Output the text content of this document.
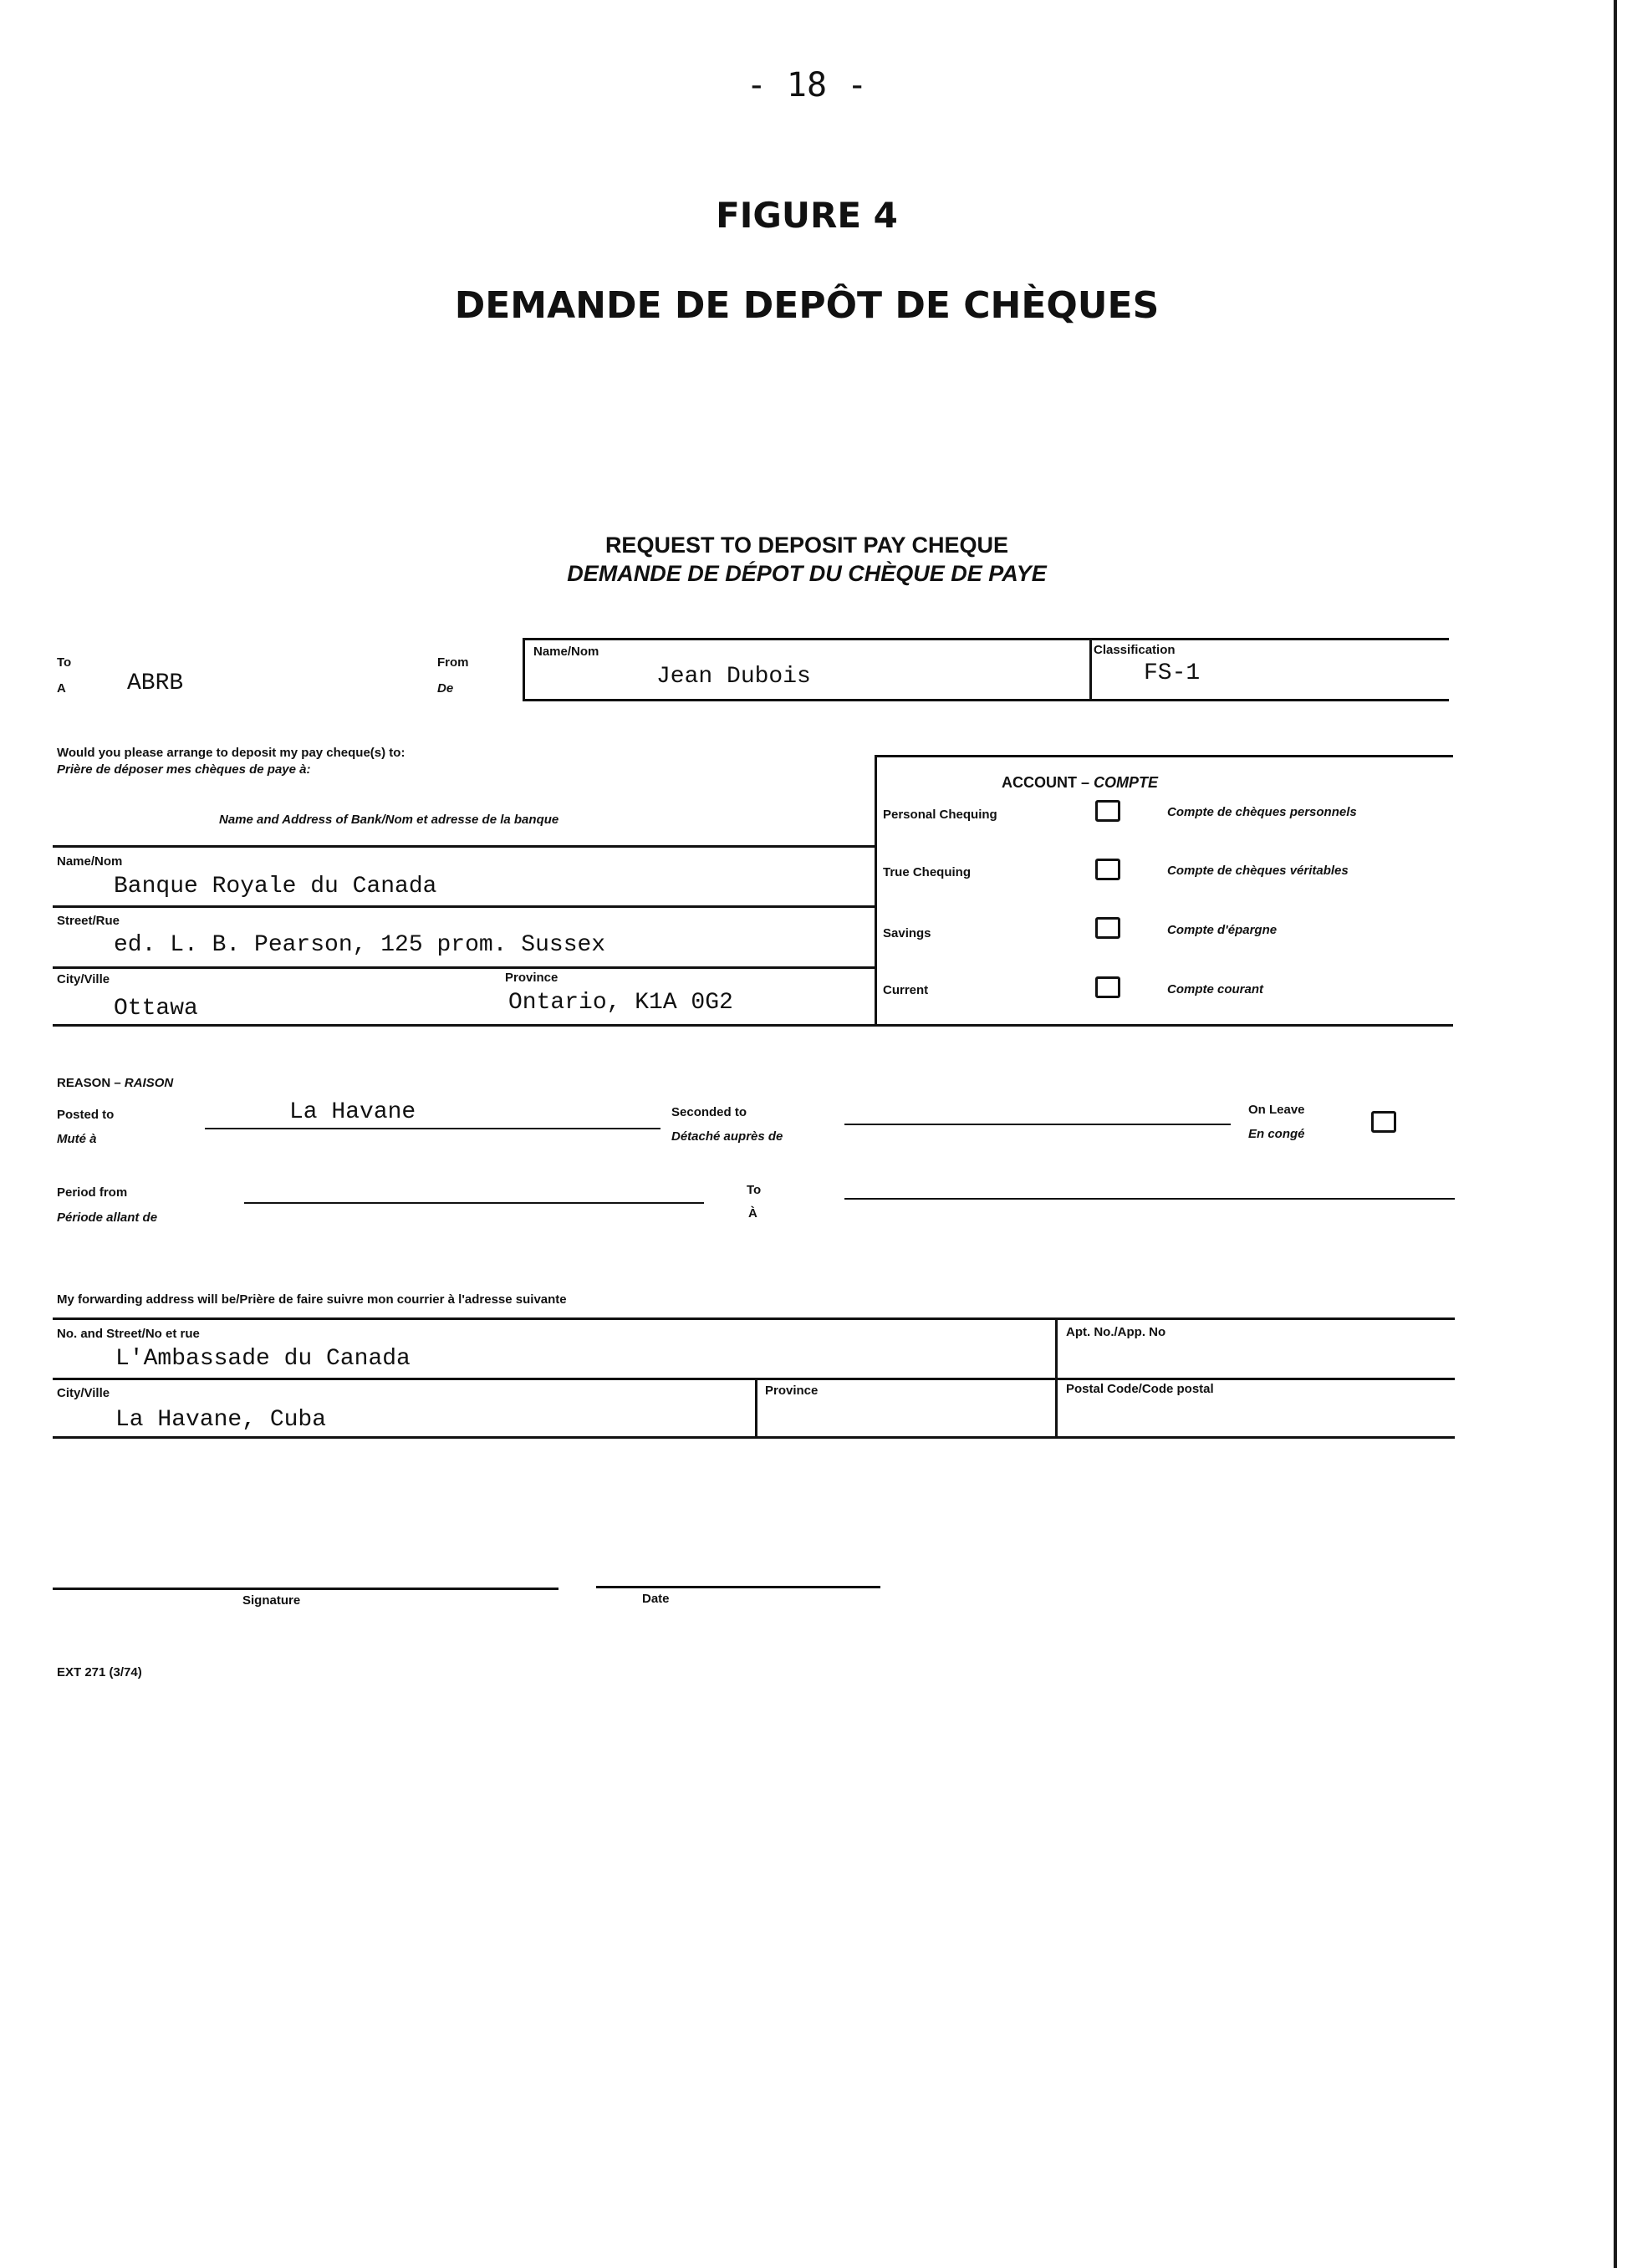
- 18 -
FIGURE 4
DEMANDE DE DEPÔT DE CHÈQUES
REQUEST TO DEPOSIT PAY CHEQUE
DEMANDE DE DÉPOT DU CHÈQUE DE PAYE
To
A	ABRB
From
De
Name/Nom
Jean Dubois
Classification
FS-1
Would you please arrange to deposit my pay cheque(s) to:
Prière de déposer mes chèques de paye à:
Name and Address of Bank/Nom et adresse de la banque
Name/Nom
Banque Royale du Canada
Street/Rue
ed. L. B. Pearson, 125 prom. Sussex
City/Ville
Ottawa
Province
Ontario, K1A 0G2
ACCOUNT – COMPTE
Personal Chequing	Compte de chèques personnels
True Chequing	Compte de chèques véritables
Savings	Compte d'épargne
Current	Compte courant
REASON – RAISON
Posted to
Muté à
La Havane	Seconded to
Détaché auprès de
On Leave
En congé
Period from
Période allant de
To
À
My forwarding address will be/Prière de faire suivre mon courrier à l'adresse suivante
No. and Street/No et rue
L'Ambassade du Canada
Apt. No./App. No
City/Ville
La Havane, Cuba
Province	Postal Code/Code postal
Signature	Date
EXT 271 (3/74)
